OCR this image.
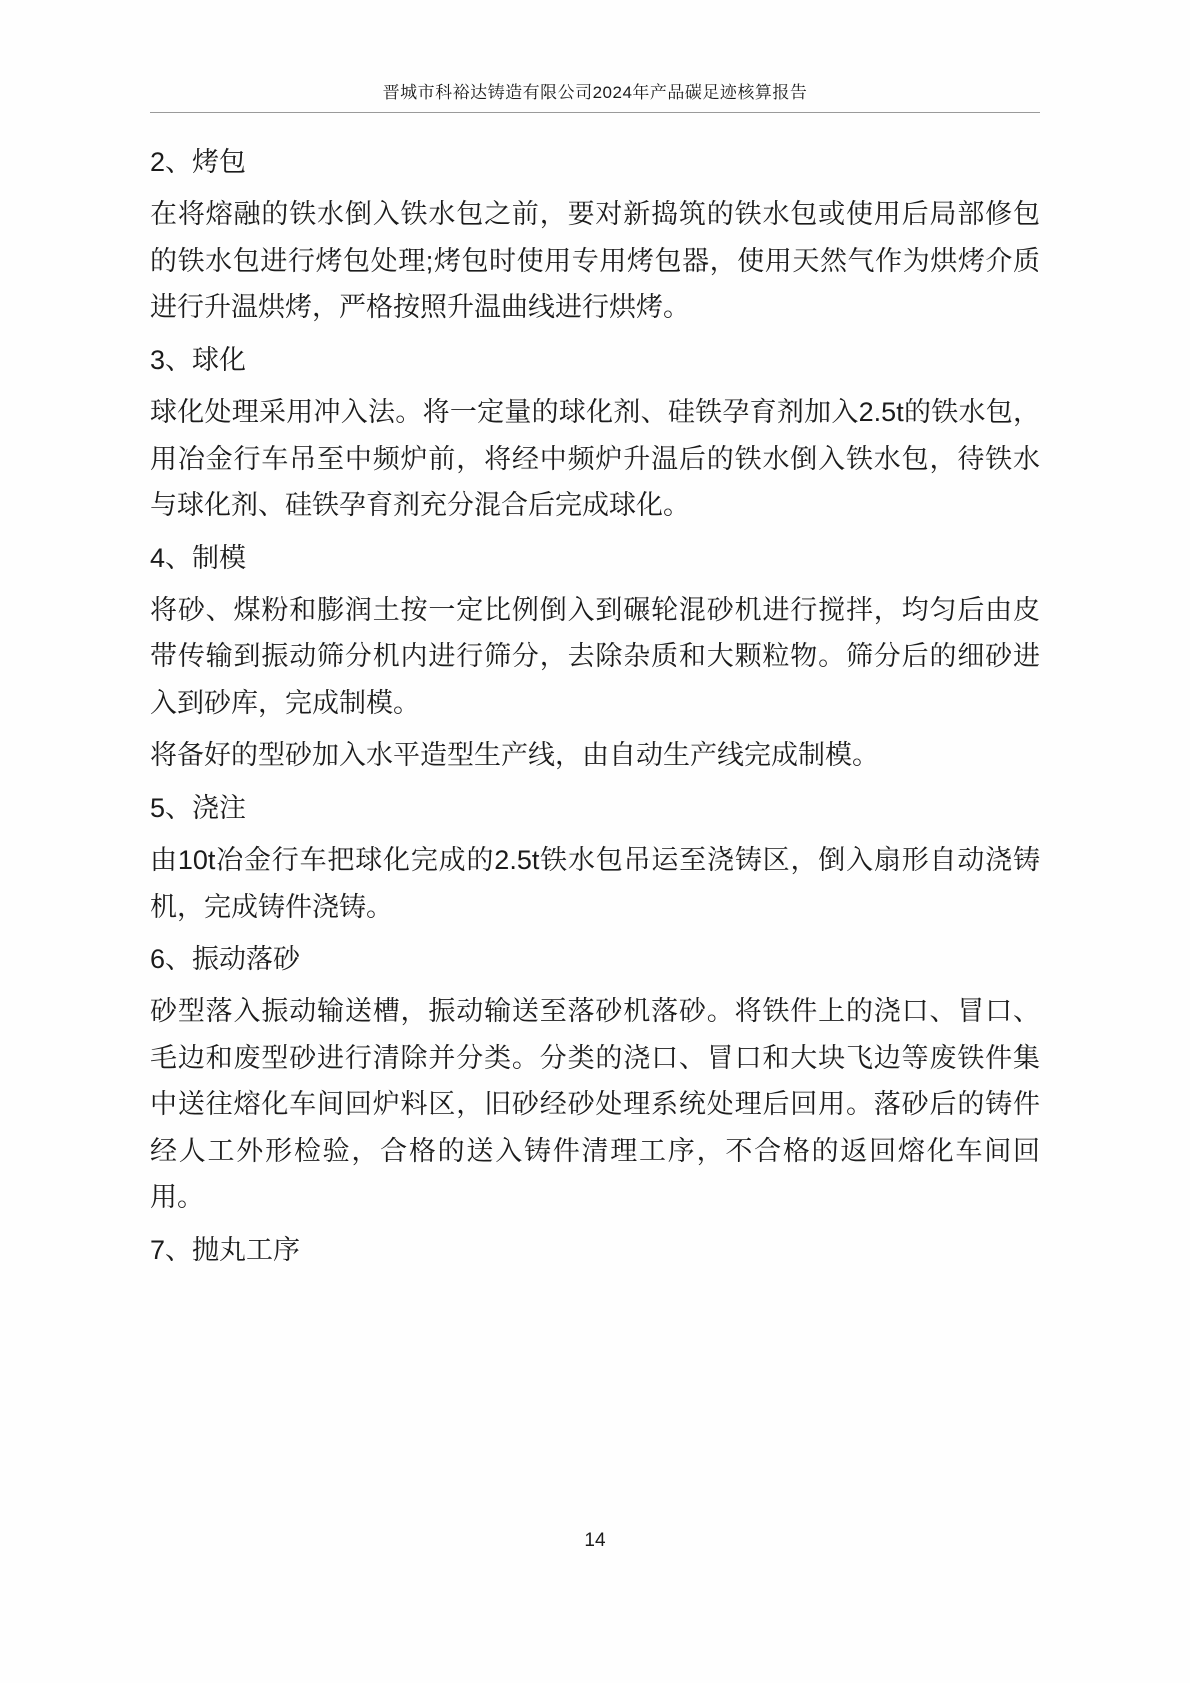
晋城市科裕达铸造有限公司2024年产品碳足迹核算报告

2、烤包

在将熔融的铁水倒入铁水包之前，要对新捣筑的铁水包或使用后局部修包的铁水包进行烤包处理;烤包时使用专用烤包器，使用天然气作为烘烤介质进行升温烘烤，严格按照升温曲线进行烘烤。

3、球化

球化处理采用冲入法。将一定量的球化剂、硅铁孕育剂加入2.5t的铁水包，用冶金行车吊至中频炉前，将经中频炉升温后的铁水倒入铁水包，待铁水与球化剂、硅铁孕育剂充分混合后完成球化。

4、制模

将砂、煤粉和膨润土按一定比例倒入到碾轮混砂机进行搅拌，均匀后由皮带传输到振动筛分机内进行筛分，去除杂质和大颗粒物。筛分后的细砂进入到砂库，完成制模。

将备好的型砂加入水平造型生产线，由自动生产线完成制模。

5、浇注

由10t冶金行车把球化完成的2.5t铁水包吊运至浇铸区，倒入扇形自动浇铸机，完成铸件浇铸。

6、振动落砂

砂型落入振动输送槽，振动输送至落砂机落砂。将铁件上的浇口、冒口、毛边和废型砂进行清除并分类。分类的浇口、冒口和大块飞边等废铁件集中送往熔化车间回炉料区，旧砂经砂处理系统处理后回用。落砂后的铸件经人工外形检验，合格的送入铸件清理工序，不合格的返回熔化车间回用。

7、抛丸工序

14
